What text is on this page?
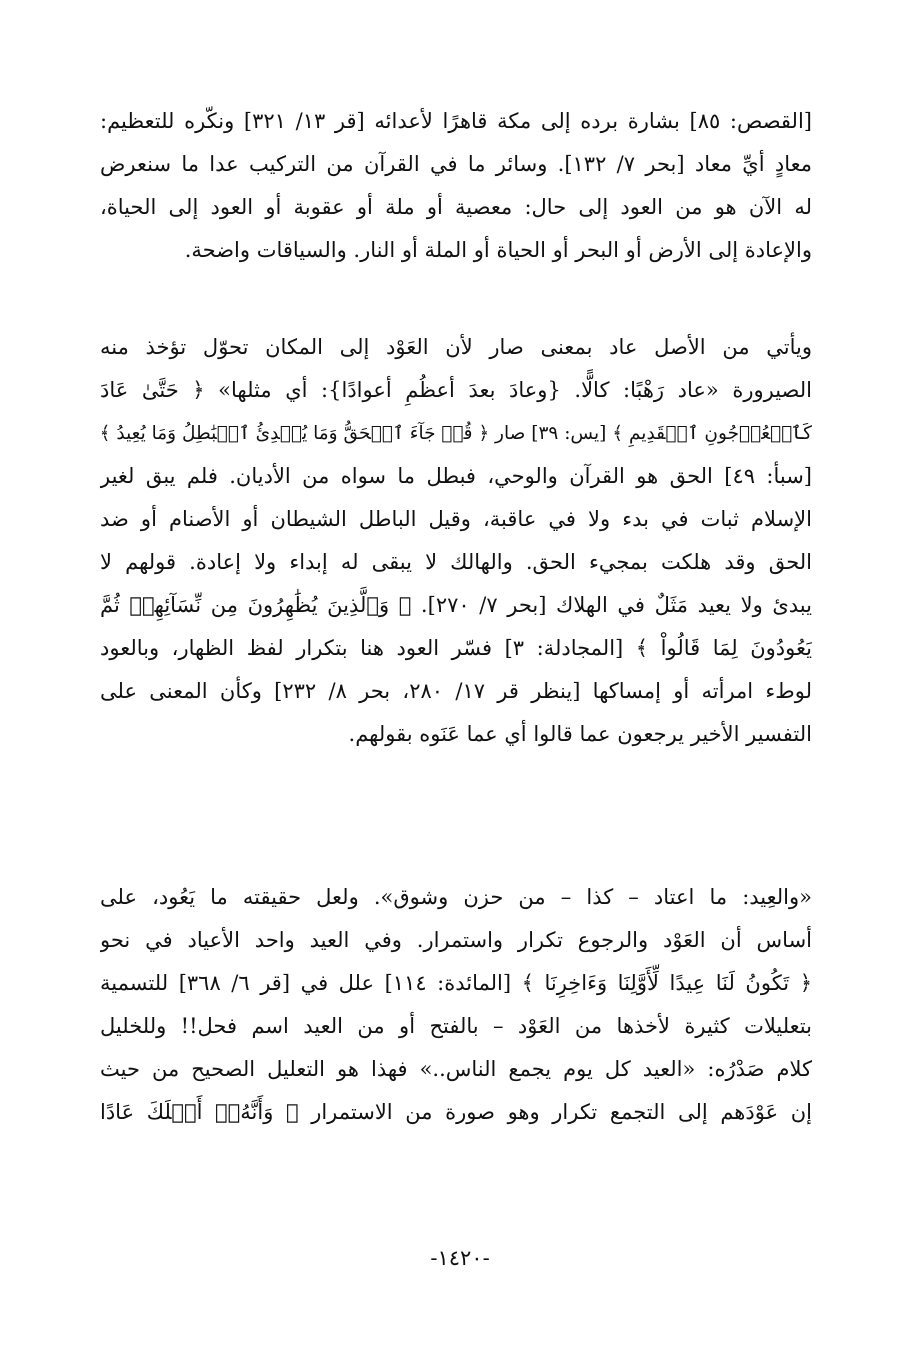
[القصص: ٨٥] بشارة برده إلى مكة قاهرًا لأعدائه [قر ١٣/ ٣٢١] ونكّره للتعظيم:
معادٍ أيِّ معاد [بحر ٧/ ١٣٢]. وسائر ما في القرآن من التركيب عدا ما سنعرض
له الآن هو من العود إلى حال: معصية أو ملة أو عقوبة أو العود إلى الحياة،
والإعادة إلى الأرض أو البحر أو الحياة أو الملة أو النار. والسياقات واضحة.
ويأتي من الأصل عاد بمعنى صار لأن العَوْد إلى المكان تحوّل تؤخذ منه
الصيرورة «عاد رَهْبًا: كالًّا. {وعادَ بعدَ أعظُمِ أعوادًا}: أي مثلها» ﴿ حَتَّىٰ عَادَ
كَٱلۡعُرۡجُونِ ٱلۡقَدِيمِ ﴾ [يس: ٣٩] صار ﴿ قُلۡ جَآءَ ٱلۡحَقُّ وَمَا يُبۡدِئُ ٱلۡبَٰطِلُ وَمَا يُعِيدُ ﴾
[سبأ: ٤٩] الحق هو القرآن والوحي، فبطل ما سواه من الأديان. فلم يبق لغير
الإسلام ثبات في بدء ولا في عاقبة، وقيل الباطل الشيطان أو الأصنام أو ضد
الحق وقد هلكت بمجيء الحق. والهالك لا يبقى له إبداء ولا إعادة. قولهم لا
يبدئ ولا يعيد مَثَلٌ في الهلاك [بحر ٧/ ٢٧٠]. ﴿ وَٱلَّذِينَ يُظَٰهِرُونَ مِن نِّسَآئِهِمۡ ثُمَّ
يَعُودُونَ لِمَا قَالُواْ ﴾ [المجادلة: ٣] فسّر العود هنا بتكرار لفظ الظهار، وبالعود
لوطء امرأته أو إمساكها [ينظر قر ١٧/ ٢٨٠، بحر ٨/ ٢٣٢] وكأن المعنى على
التفسير الأخير يرجعون عما قالوا أي عما عَنَوه بقولهم.
«والعِيد: ما اعتاد – كذا – من حزن وشوق». ولعل حقيقته ما يَعُود، على
أساس أن العَوْد والرجوع تكرار واستمرار. وفي العيد واحد الأعياد في نحو
﴿ تَكُونُ لَنَا عِيدًا لِّأَوَّلِنَا وَءَاخِرِنَا ﴾ [المائدة: ١١٤] علل في [قر ٦/ ٣٦٨] للتسمية
بتعليلات كثيرة لأخذها من العَوْد – بالفتح أو من العيد اسم فحل!! وللخليل
كلام صَدْرُه: «العيد كل يوم يجمع الناس..» فهذا هو التعليل الصحيح من حيث
إن عَوْدَهم إلى التجمع تكرار وهو صورة من الاستمرار ﴿ وَأَنَّهُۥٓ أَهۡلَكَ عَادًا
-١٤٢٠-
